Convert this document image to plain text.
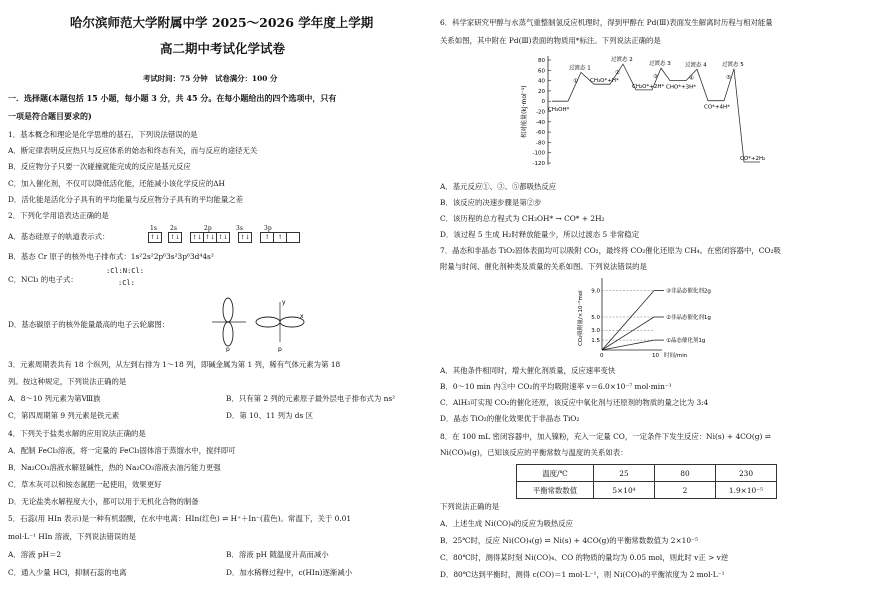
哈尔滨师范大学附属中学 2025～2026 学年度上学期
高二期中考试化学试卷
考试时间：75 分钟　试卷满分：100 分
一．选择题(本题包括 15 小题，每小题 3 分，共 45 分。在每小题给出的四个选项中，只有
一项是符合题目要求的)
1．基本概念和理论是化学思维的基石，下列说法错误的是
A．断定律表明反应热只与反应体系的始态和终态有关，而与反应的途径无关
B．反应物分子只要一次碰撞就能完成的反应是基元反应
C．加入催化剂，不仅可以降低活化能，还能减小该化学反应的ΔH
D．活化能是活化分子具有的平均能量与反应物分子具有的平均能量之差
2．下列化学用语表达正确的是
A．基态硅原子的轨道表示式：
1s 2s	2p	3s	3p
↑↓	↑↓	↑↓ ↑↓ ↑↓	↑↓	↑	↑
B．基态 Cr 原子的核外电子排布式：1s²2s²2p⁶3s²3p⁶3d⁴4s²
C．NCl₃ 的电子式：
:Cl:N:Cl:
:Cl:
D．基态碳原子的核外能量最高的电子云轮廓图：
p	p
x
y
3．元素周期表共有 18 个纵列，从左到右排为 1～18 列，即碱金属为第 1 列，稀有气体元素为第 18
列。按这种规定，下列说法正确的是
A．8～10 列元素为第Ⅷ族	B．只有第 2 列的元素原子最外层电子排布式为 ns²
C．第四周期第 9 列元素是铁元素	D．第 10、11 列为 ds 区
4．下列关于盐类水解的应用说法正确的是
A．配制 FeCl₃溶液，将一定量的 FeCl₃固体溶于蒸馏水中，搅拌即可
B．Na₂CO₃溶液水解显碱性，热的 Na₂CO₃溶液去油污能力更强
C．草木灰可以和铵态氮肥一起使用，效果更好
D．无论盐类水解程度大小，都可以用于无机化合物的制备
5．石蕊(用 HIn 表示)是一种有机弱酸，在水中电离：HIn(红色) ⇌ H⁺＋In⁻(蓝色)。常温下，关于 0.01
mol·L⁻¹ HIn 溶液，下列说法错误的是
A．溶液 pH＝2	B．溶液 pH 随温度升高而减小
C．通入少量 HCl，抑制石蕊的电离	D．加水稀释过程中，c(HIn)逐渐减小
6．科学家研究甲醇与水蒸气重整制氢反应机理时，得到甲醇在 Pd(Ⅲ)表面发生解离时历程与相对能量
关系如图，其中附在 Pd(Ⅲ)表面的物质用*标注。下列说法正确的是
80
60
40
20
0
-20
-40
-60
-80
-100
-120
相对能量(kJ·mol⁻¹)
过渡态 1
过渡态 2
过渡态 3	过渡态 4	过渡态 5
①
②
③	④	⑤
CH₃OH*
CH₃O*+H*
CH₂O*+2H* CHO*+3H*
CO*+4H*
CO*+2H₂
A．基元反应①、③、⑤都吸热反应
B．该反应的决速步骤是第②步
C．该历程的总方程式为 CH₃OH* → CO* + 2H₂
D．该过程 5 生成 H₂时释放能量少，所以过渡态 5 非常稳定
7．晶态和非晶态 TiO₂固体表面均可以吸附 CO₂，最终将 CO₂催化还原为 CH₄。在密闭容器中，CO₂吸
附量与时间、催化剂种类及质量的关系如图。下列说法错误的是
1.5
3.0
5.0
9.0
0	10 时间/min
CO₂吸附量/×10⁻⁶mol	③非晶态催化剂2g
②非晶态催化剂1g
①晶态催化剂1g
A．其他条件相同时，增大催化剂质量，反应速率变快
B．0～10 min 内③中 CO₂的平均吸附速率 v＝6.0×10⁻⁷ mol·min⁻¹
C．AlH₃可实现 CO₂的催化还原，该反应中氧化剂与还原剂的物质的量之比为 3:4
D．晶态 TiO₂的催化效果优于非晶态 TiO₂
8．在 100 mL 密闭容器中，加入镍粉，充入一定量 CO，一定条件下发生反应：Ni(s) + 4CO(g) ⇌
Ni(CO)₄(g)，已知该反应的平衡常数与温度的关系如表：
温度/℃	25	80	230
平衡常数数值	5×10⁴	2	1.9×10⁻⁵
下列说法正确的是
A．上述生成 Ni(CO)₄的反应为吸热反应
B．25℃时，反应 Ni(CO)₄(g) ⇌ Ni(s) + 4CO(g)的平衡常数数值为 2×10⁻⁵
C．80℃时，测得某时刻 Ni(CO)₄、CO 的物质的量均为 0.05 mol，则此时 v正 > v逆
D．80℃达到平衡时，测得 c(CO)＝1 mol·L⁻¹，则 Ni(CO)₄的平衡浓度为 2 mol·L⁻¹
